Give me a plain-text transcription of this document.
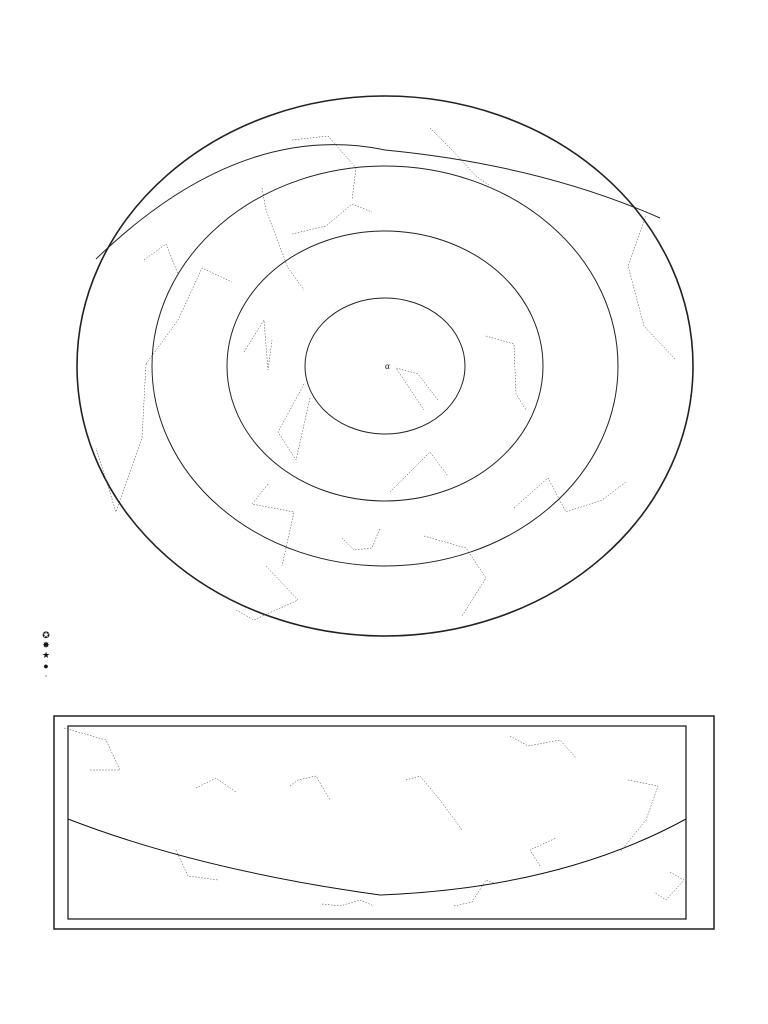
α
✪
✸
★
●
·
